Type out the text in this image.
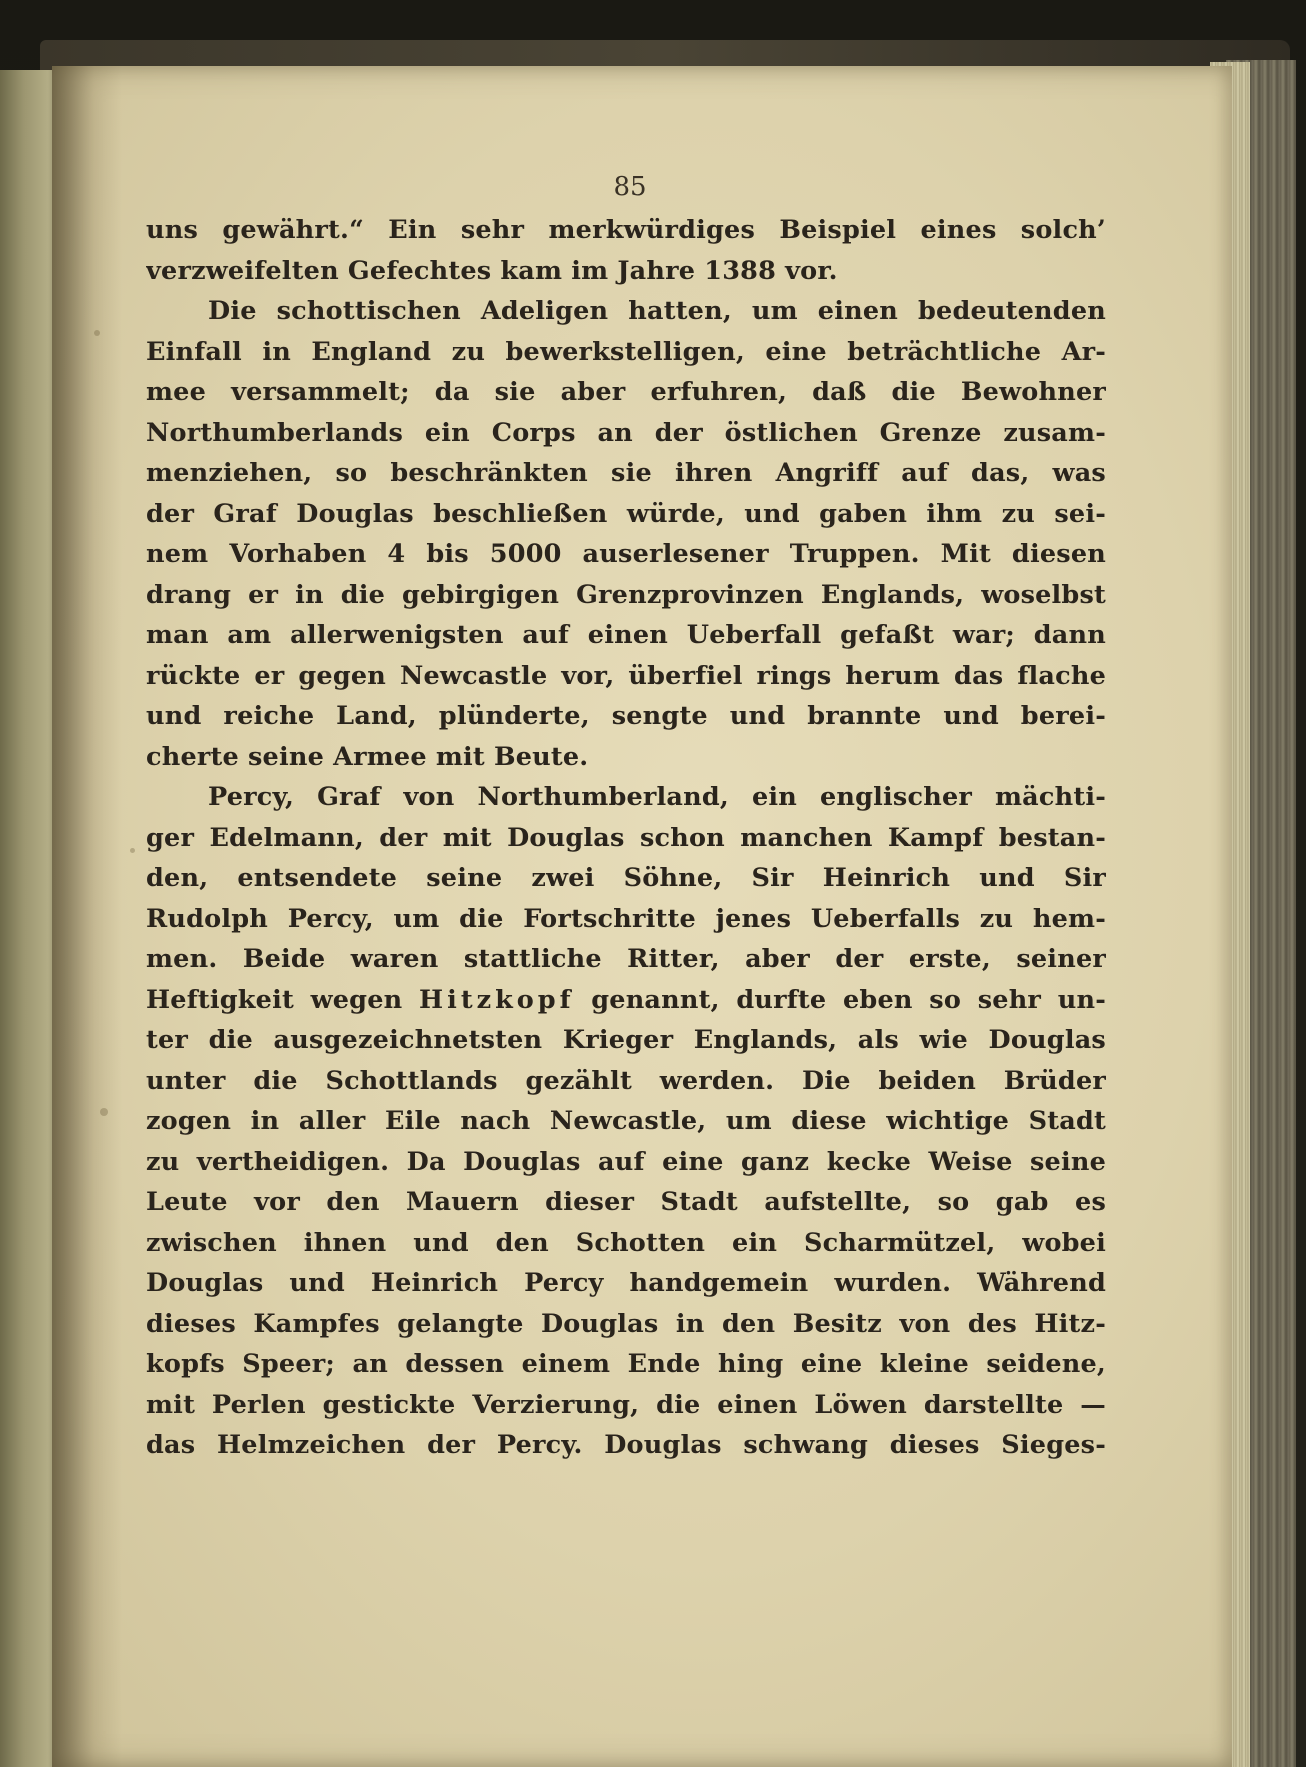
85
uns gewährt.“ Ein sehr merkwürdiges Beispiel eines solch’
verzweifelten Gefechtes kam im Jahre 1388 vor.
Die schottischen Adeligen hatten, um einen bedeutenden
Einfall in England zu bewerkstelligen, eine beträchtliche Ar-
mee versammelt; da sie aber erfuhren, daß die Bewohner
Northumberlands ein Corps an der östlichen Grenze zusam-
menziehen, so beschränkten sie ihren Angriff auf das, was
der Graf Douglas beschließen würde, und gaben ihm zu sei-
nem Vorhaben 4 bis 5000 auserlesener Truppen. Mit diesen
drang er in die gebirgigen Grenzprovinzen Englands, woselbst
man am allerwenigsten auf einen Ueberfall gefaßt war; dann
rückte er gegen Newcastle vor, überfiel rings herum das flache
und reiche Land, plünderte, sengte und brannte und berei-
cherte seine Armee mit Beute.
Percy, Graf von Northumberland, ein englischer mächti-
ger Edelmann, der mit Douglas schon manchen Kampf bestan-
den, entsendete seine zwei Söhne, Sir Heinrich und Sir
Rudolph Percy, um die Fortschritte jenes Ueberfalls zu hem-
men. Beide waren stattliche Ritter, aber der erste, seiner
Heftigkeit wegen Hitzkopf genannt, durfte eben so sehr un-
ter die ausgezeichnetsten Krieger Englands, als wie Douglas
unter die Schottlands gezählt werden. Die beiden Brüder
zogen in aller Eile nach Newcastle, um diese wichtige Stadt
zu vertheidigen. Da Douglas auf eine ganz kecke Weise seine
Leute vor den Mauern dieser Stadt aufstellte, so gab es
zwischen ihnen und den Schotten ein Scharmützel, wobei
Douglas und Heinrich Percy handgemein wurden. Während
dieses Kampfes gelangte Douglas in den Besitz von des Hitz-
kopfs Speer; an dessen einem Ende hing eine kleine seidene,
mit Perlen gestickte Verzierung, die einen Löwen darstellte —
das Helmzeichen der Percy. Douglas schwang dieses Sieges-
